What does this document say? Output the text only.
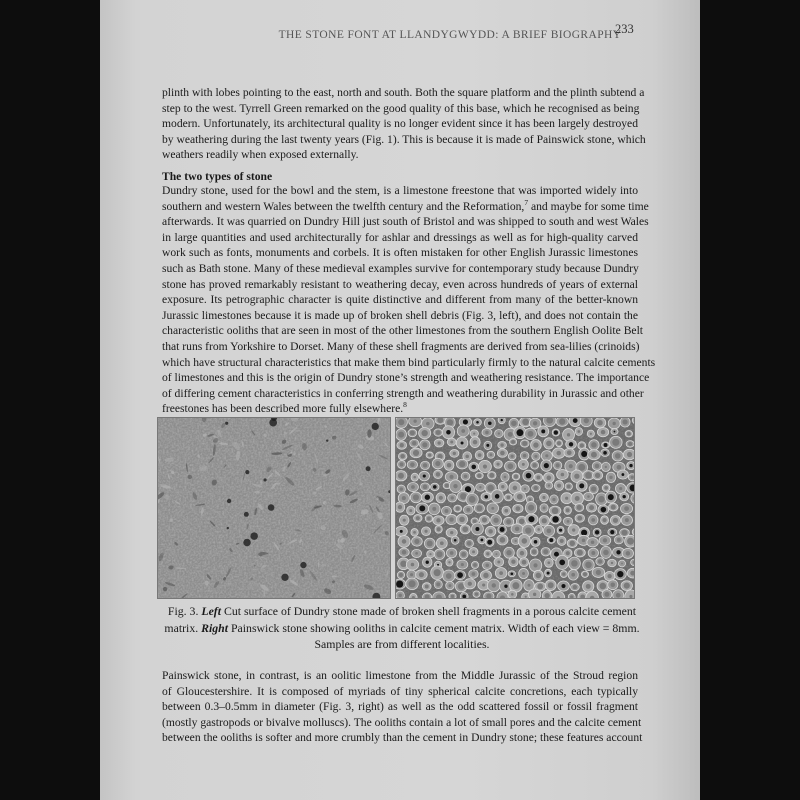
THE STONE FONT AT LLANDYGWYDD: A BRIEF BIOGRAPHY
233
plinth with lobes pointing to the east, north and south. Both the square platform and the plinth subtend a
step to the west. Tyrrell Green remarked on the good quality of this base, which he recognised as being
modern. Unfortunately, its architectural quality is no longer evident since it has been largely destroyed
by weathering during the last twenty years (Fig. 1). This is because it is made of Painswick stone, which
weathers readily when exposed externally.
The two types of stone
Dundry stone, used for the bowl and the stem, is a limestone freestone that was imported widely into
southern and western Wales between the twelfth century and the Reformation,$^7$ and maybe for some time
afterwards. It was quarried on Dundry Hill just south of Bristol and was shipped to south and west Wales
in large quantities and used architecturally for ashlar and dressings as well as for high-quality carved
work such as fonts, monuments and corbels. It is often mistaken for other English Jurassic limestones
such as Bath stone. Many of these medieval examples survive for contemporary study because Dundry
stone has proved remarkably resistant to weathering decay, even across hundreds of years of external
exposure. Its petrographic character is quite distinctive and different from many of the better-known
Jurassic limestones because it is made up of broken shell debris (Fig. 3, left), and does not contain the
characteristic ooliths that are seen in most of the other limestones from the southern English Oolite Belt
that runs from Yorkshire to Dorset. Many of these shell fragments are derived from sea-lilies (crinoids)
which have structural characteristics that make them bind particularly firmly to the natural calcite cements
of limestones and this is the origin of Dundry stone’s strength and weathering resistance. The importance
of differing cement characteristics in conferring strength and weathering durability in Jurassic and other
freestones has been described more fully elsewhere.$^8$
Fig. 3. Left Cut surface of Dundry stone made of broken shell fragments in a porous calcite cement
matrix. Right Painswick stone showing ooliths in calcite cement matrix. Width of each view = 8mm.
Samples are from different localities.
Painswick stone, in contrast, is an oolitic limestone from the Middle Jurassic of the Stroud region
of Gloucestershire. It is composed of myriads of tiny spherical calcite concretions, each typically
between 0.3–0.5mm in diameter (Fig. 3, right) as well as the odd scattered fossil or fossil fragment
(mostly gastropods or bivalve molluscs). The ooliths contain a lot of small pores and the calcite cement
between the ooliths is softer and more crumbly than the cement in Dundry stone; these features account
